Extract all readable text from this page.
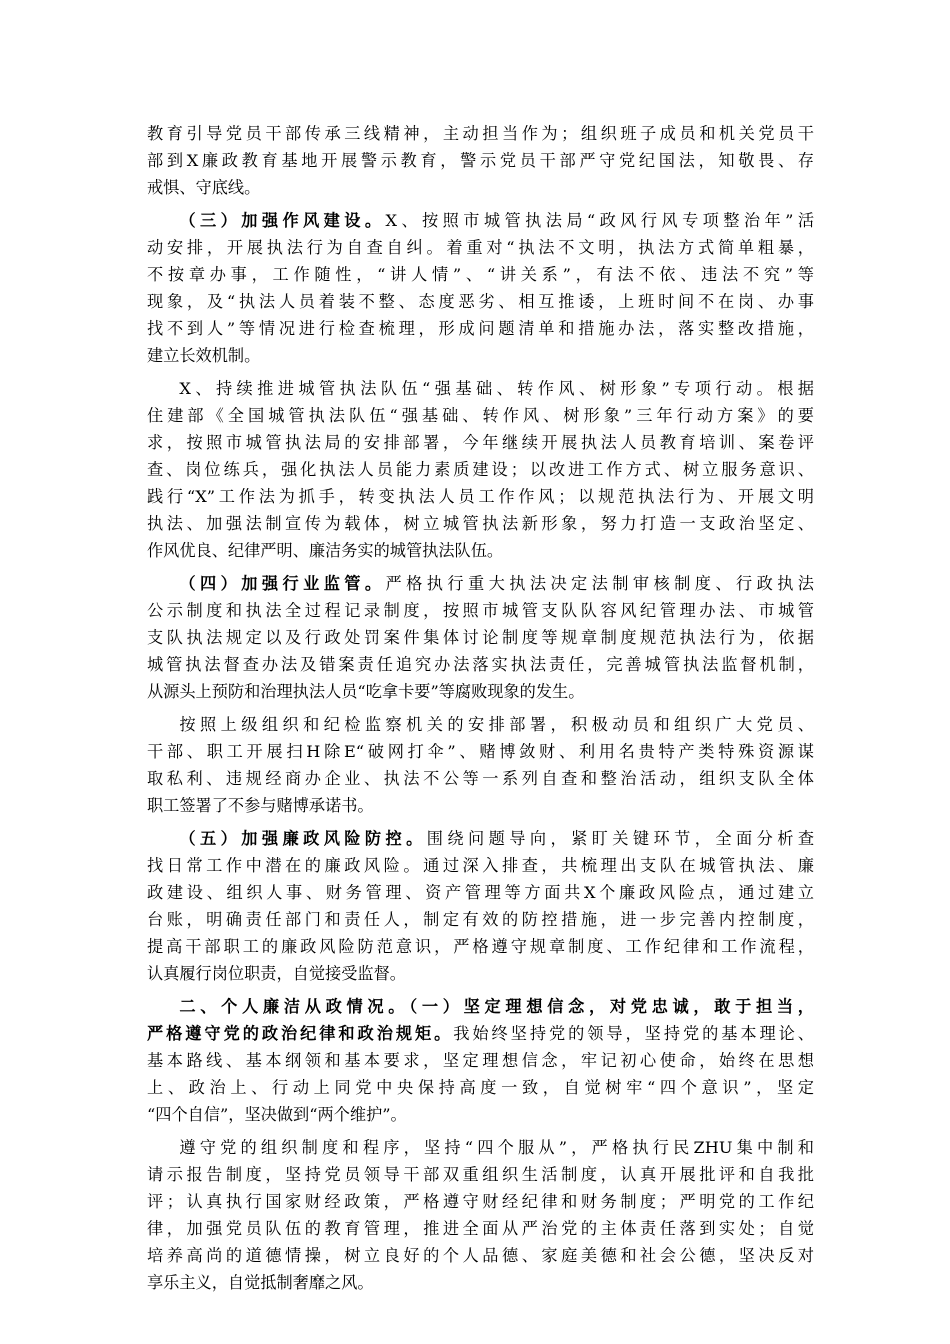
教育引导党员干部传承三线精神，主动担当作为；组织班子成员和机关党员干
部到X廉政教育基地开展警示教育，警示党员干部严守党纪国法，知敬畏、存
戒惧、守底线。
（三）加强作风建设。X、按照市城管执法局“政风行风专项整治年”活
动安排，开展执法行为自查自纠。着重对“执法不文明，执法方式简单粗暴，
不按章办事，工作随性，“讲人情”、“讲关系”，有法不依、违法不究”等
现象，及“执法人员着装不整、态度恶劣、相互推诿，上班时间不在岗、办事
找不到人”等情况进行检查梳理，形成问题清单和措施办法，落实整改措施，
建立长效机制。
X、持续推进城管执法队伍“强基础、转作风、树形象”专项行动。根据
住建部《全国城管执法队伍“强基础、转作风、树形象”三年行动方案》的要
求，按照市城管执法局的安排部署，今年继续开展执法人员教育培训、案卷评
查、岗位练兵，强化执法人员能力素质建设；以改进工作方式、树立服务意识、
践行“X”工作法为抓手，转变执法人员工作作风；以规范执法行为、开展文明
执法、加强法制宣传为载体，树立城管执法新形象，努力打造一支政治坚定、
作风优良、纪律严明、廉洁务实的城管执法队伍。
（四）加强行业监管。严格执行重大执法决定法制审核制度、行政执法
公示制度和执法全过程记录制度，按照市城管支队队容风纪管理办法、市城管
支队执法规定以及行政处罚案件集体讨论制度等规章制度规范执法行为，依据
城管执法督查办法及错案责任追究办法落实执法责任，完善城管执法监督机制，
从源头上预防和治理执法人员“吃拿卡要”等腐败现象的发生。
按照上级组织和纪检监察机关的安排部署，积极动员和组织广大党员、
干部、职工开展扫H除E“破网打伞”、赌博敛财、利用名贵特产类特殊资源谋
取私利、违规经商办企业、执法不公等一系列自查和整治活动，组织支队全体
职工签署了不参与赌博承诺书。
（五）加强廉政风险防控。围绕问题导向，紧盯关键环节，全面分析查
找日常工作中潜在的廉政风险。通过深入排查，共梳理出支队在城管执法、廉
政建设、组织人事、财务管理、资产管理等方面共X个廉政风险点，通过建立
台账，明确责任部门和责任人，制定有效的防控措施，进一步完善内控制度，
提高干部职工的廉政风险防范意识，严格遵守规章制度、工作纪律和工作流程，
认真履行岗位职责，自觉接受监督。
二、个人廉洁从政情况。（一）坚定理想信念，对党忠诚，敢于担当，
严格遵守党的政治纪律和政治规矩。我始终坚持党的领导，坚持党的基本理论、
基本路线、基本纲领和基本要求，坚定理想信念，牢记初心使命，始终在思想
上、政治上、行动上同党中央保持高度一致，自觉树牢“四个意识”，坚定
“四个自信”，坚决做到“两个维护”。
遵守党的组织制度和程序，坚持“四个服从”，严格执行民ZHU集中制和
请示报告制度，坚持党员领导干部双重组织生活制度，认真开展批评和自我批
评；认真执行国家财经政策，严格遵守财经纪律和财务制度；严明党的工作纪
律，加强党员队伍的教育管理，推进全面从严治党的主体责任落到实处；自觉
培养高尚的道德情操，树立良好的个人品德、家庭美德和社会公德，坚决反对
享乐主义，自觉抵制奢靡之风。
